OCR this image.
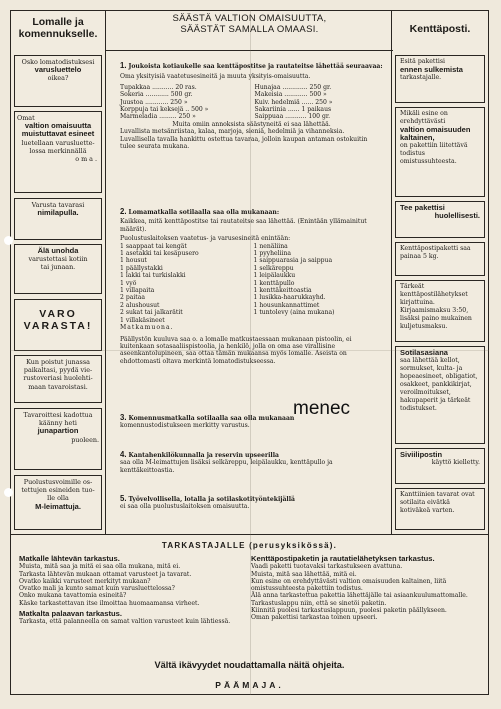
Lomalle ja
komennukselle.
Osko lomatodistuksesi
varusluettelo
oikea?
Omat
valtion omaisuutta
muistuttavat esineet
luetellaan varusluette-
lossa merkinnällä
oma.
Varusta tavarasi
nimilapulla.
Älä unohda
varustettasi kotiin
tai junaan.
VARO
VARASTA!
Kun poistut junassa
paikaltasi, pyydä vie-
rustoveriasi huolehti-
maan tavaroistasi.
Tavaroittesi kadottua
käänny heti
junapartion
puoleen.
Puolustusvoimille os-
tettujen esineiden tuo-
lle olla
M-leimattuja.
SÄÄSTÄ VALTION OMAISUUTTA,
SÄÄSTÄT SAMALLA OMAASI.
1. Joukoista kotiaukelle saa kenttäpostitse ja rautateitse lähettää seuraavaa:
Oma yksityisiä vaatetusesineitä ja muuta yksityis-omaisuutta.
Tupakkaa ........... 20 ras.
Sokeria ............ 500 gr.
Juustoa ............ 250 »
Korppuja tai keksejä .. 500 »
Marmeladia ......... 250 »
Hunajaa ............. 250 gr.
Makeisia ............ 500 »
Kuiv. hedelmiä ...... 250 »
Sakariinia ...... 1 paikaus
Saippuaa ........... 100 gr.
Muita omiin annoksista säästyneitä ei saa lähettää.
Luvallista metsänriistaa, kalaa, marjoja, sieniä, hedelmiä ja vihanneksia.
Luvallisella tavalla hankittu ostettua tavaraa, jolloin kaupan antaman ostokuitin tulee seurata mukana.
2. Lomamatkalla sotilaalla saa olla mukanaan:
Kaikkea, mitä kenttäpostitse tai rautateitse saa lähettää. (Enintään yllämainitut määrät).
Puolustuslaitoksen vaatetus- ja varusesineitä enintään:
1 saappaat tai kengät
1 asetakki tai kesäpusero
1 housut
1 päällystakki
1 lakki tai turkislakki
1 vyö
1 villapaita
2 paitaa
2 alushousut
2 sukat tai jalkarätit
1 villakäsineet
Matkamuona.
1 nenäliina
1 pyyheliina
1 saippuarasia ja saippua
1 selkäreppu
1 leipälaukku
1 kenttäpullo
1 kenttäkeittoastia
1 lusikka-haarukkayhd.
1 housunkannattimet
1 tuntolevy (aina mukana)
Päällystön kuuluva saa o. a lomalle matkustaessaan mukanaan pistoolin, ei kuitenkaan sotasaaliispistoolia, ja henkilö, jolla on oma ase virallisine aseenkantolupineen, saa ottaa tämän mukaansa myös lomalle. Aseista on ehdottomasti oltava merkintä lomatodistukseessa.
3. Komennusmatkalla sotilaalla saa olla mukanaan
komennustodistukseen merkitty varustus.
4. Kantahenkilökunnalla ja reservin upseerilla
saa olla M-leimattujen lisäksi selkäreppu, leipälaukku, kenttäpullo ja kenttäkeittoastia.
5. Työvelvollisella, lotalla ja sotilaskotityöntekijällä
ei saa olla puolustuslaitoksen omaisuutta.
Kenttäposti.
Esitä pakettisi
ennen sulkemista
tarkastajalle.
Mikäli esine on erehdyttävästi
valtion omaisuuden kaltainen,
on pakettiin liitettävä todistus omistussuhteesta.
Tee pakettisi
huolellisesti.
Kenttäpostipaketti saa
painaa 5 kg.
Tärkeät kenttäpostilähetykset kirjattuina. Kirjaamismaksu 3:50, lisäksi paino mukainen kuljetusmaksu.
Sotilasasiana
saa lähettää kellot, sormukset, kulta- ja hopeaesineet, obligatiot, osakkeet, pankkikirjat, veroilmoitukset, hakupaperit ja tärkeät todistukset.
Siviilipostin
käyttö kielletty.
Kanttiinien tavarat ovat sotilaita eivätkä kotiväkeä varten.
TARKASTAJALLE (perusyksikössä).
Matkalle lähtevän tarkastus.
Muista, mitä saa ja mitä ei saa olla mukana, mitä ei.
Tarkasta lähtevän mukaan ottamat varusteet ja tavarat.
Ovatko kaikki varusteet merkityt mukaan?
Ovatko mali ja kunto samat kuin varusluettelossa?
Onko mukana tavattomia esineitä?
Käske tarkastettavan itse ilmoittaa huomaamansa virheet.
Matkalta palaavan tarkastus.
Tarkasta, että palanneella on samat valtion varusteet kuin lähtiessä.
Kenttäpostipaketin ja rautatielähetyksen tarkastus.
Vaadi paketti tuotavaksi tarkastukseen avattuna.
Muista, mitä saa lähettää, mitä ei.
Kun esine on erehdyttävästi valtion omaisuuden kaltainen, liitä omistussuhteesta pakettiin todistus.
Älä anna tarkastettua pakettia lähettäjälle tai asiaankuulumattomalle.
Tarkastuslappu niin, että se sinetöi paketin.
Kiinnitä puolesi tarkastuslappuun, puolesi paketin päällykseen.
Oman pakettisi tarkastaa toinen upseeri.
Vältä ikävyydet noudattamalla näitä ohjeita.
PÄÄMAJA.
menec
